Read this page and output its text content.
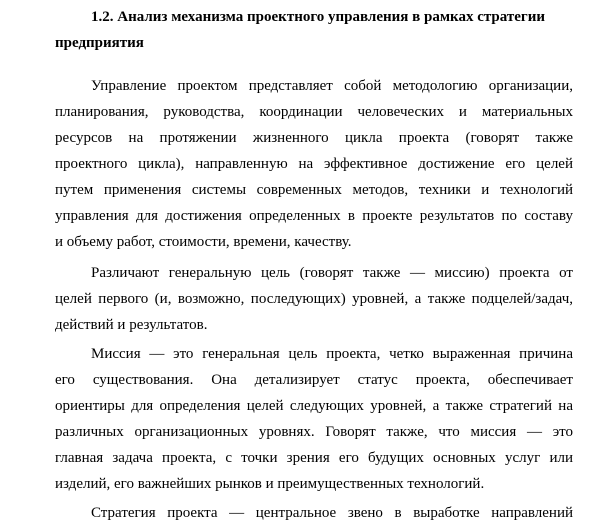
1.2. Анализ механизма проектного управления в рамках стратегии
предприятия
Управление проектом представляет собой методологию организации,
планирования, руководства, координации человеческих и материальных
ресурсов на протяжении жизненного цикла проекта (говорят также
проектного цикла), направленную на эффективное достижение его целей
путем применения системы современных методов, техники и технологий
управления для достижения определенных в проекте результатов по составу
и объему работ, стоимости, времени, качеству.
Различают генеральную цель (говорят также — миссию) проекта от
целей первого (и, возможно, последующих) уровней, а также подцелей/задач,
действий и результатов.
Миссия — это генеральная цель проекта, четко выраженная причина
его существования. Она детализирует статус проекта, обеспечивает
ориентиры для определения целей следующих уровней, а также стратегий на
различных организационных уровнях. Говорят также, что миссия — это
главная задача проекта, с точки зрения его будущих основных услуг или
изделий, его важнейших рынков и преимущественных технологий.
Стратегия проекта — центральное звено в выработке направлений
